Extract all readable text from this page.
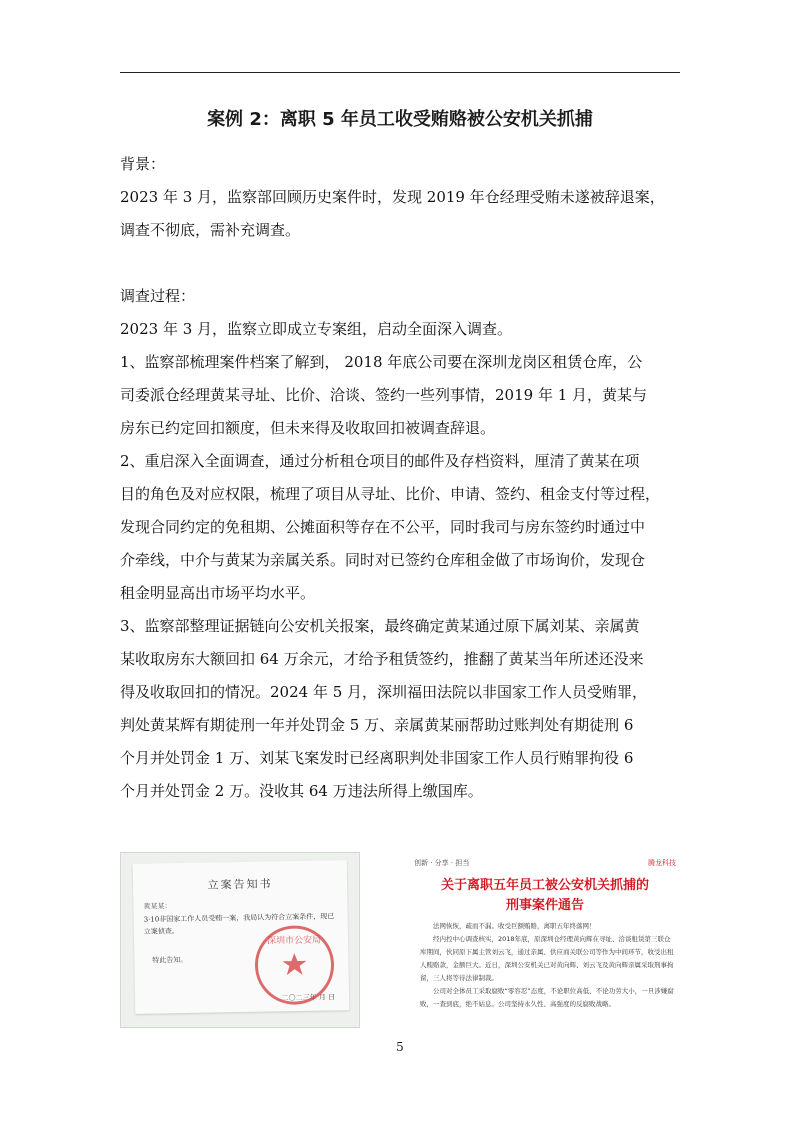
案例 2：离职 5 年员工收受贿赂被公安机关抓捕

背景：

2023 年 3 月，监察部回顾历史案件时，发现 2019 年仓经理受贿未遂被辞退案，

调查不彻底，需补充调查。

调查过程：

2023 年 3 月，监察立即成立专案组，启动全面深入调查。

1、监察部梳理案件档案了解到， 2018 年底公司要在深圳龙岗区租赁仓库，公

司委派仓经理黄某寻址、比价、洽谈、签约一些列事情，2019 年 1 月，黄某与

房东已约定回扣额度，但未来得及收取回扣被调查辞退。

2、重启深入全面调查，通过分析租仓项目的邮件及存档资料，厘清了黄某在项

目的角色及对应权限，梳理了项目从寻址、比价、申请、签约、租金支付等过程，

发现合同约定的免租期、公摊面积等存在不公平，同时我司与房东签约时通过中

介牵线，中介与黄某为亲属关系。同时对已签约仓库租金做了市场询价，发现仓

租金明显高出市场平均水平。

3、监察部整理证据链向公安机关报案，最终确定黄某通过原下属刘某、亲属黄

某收取房东大额回扣 64 万余元，才给予租赁签约，推翻了黄某当年所述还没来

得及收取回扣的情况。2024 年 5 月，深圳福田法院以非国家工作人员受贿罪，

判处黄某辉有期徒刑一年并处罚金 5 万、亲属黄某丽帮助过账判处有期徒刑 6

个月并处罚金 1 万、刘某飞案发时已经离职判处非国家工作人员行贿罪拘役 6

个月并处罚金 2 万。没收其 64 万违法所得上缴国库。

立案告知书
黄某某：
3·10非国家工作人员受贿一案，我局认为符合立案条件，现已立案侦查。
特此告知。
二〇二三年 月 日
深圳市公安局
创新 · 分享 · 担当	腾龙科技
关于离职五年员工被公安机关抓捕的
刑事案件通告

法网恢恢，疏而不漏。收受巨额贿赂，离职五年终落网！

经内控中心调查核实，2018年底，原深圳仓经理黄向辉在寻址、洽谈租赁第三联仓库期间，伙同原下属主管刘云飞，通过亲属、供应商关联公司等作为中间环节，收受出租人贿赂款，金额巨大。近日，深圳公安机关已对黄向辉、刘云飞及黄向辉亲属采取刑事拘留，三人将等待法律制裁。

公司对全体员工采取腐败“零容忍”态度，不论职位高低、不论功劳大小，一旦涉嫌腐败，一查到底，绝不姑息。公司坚持永久性、高强度的反腐败战略。

5
